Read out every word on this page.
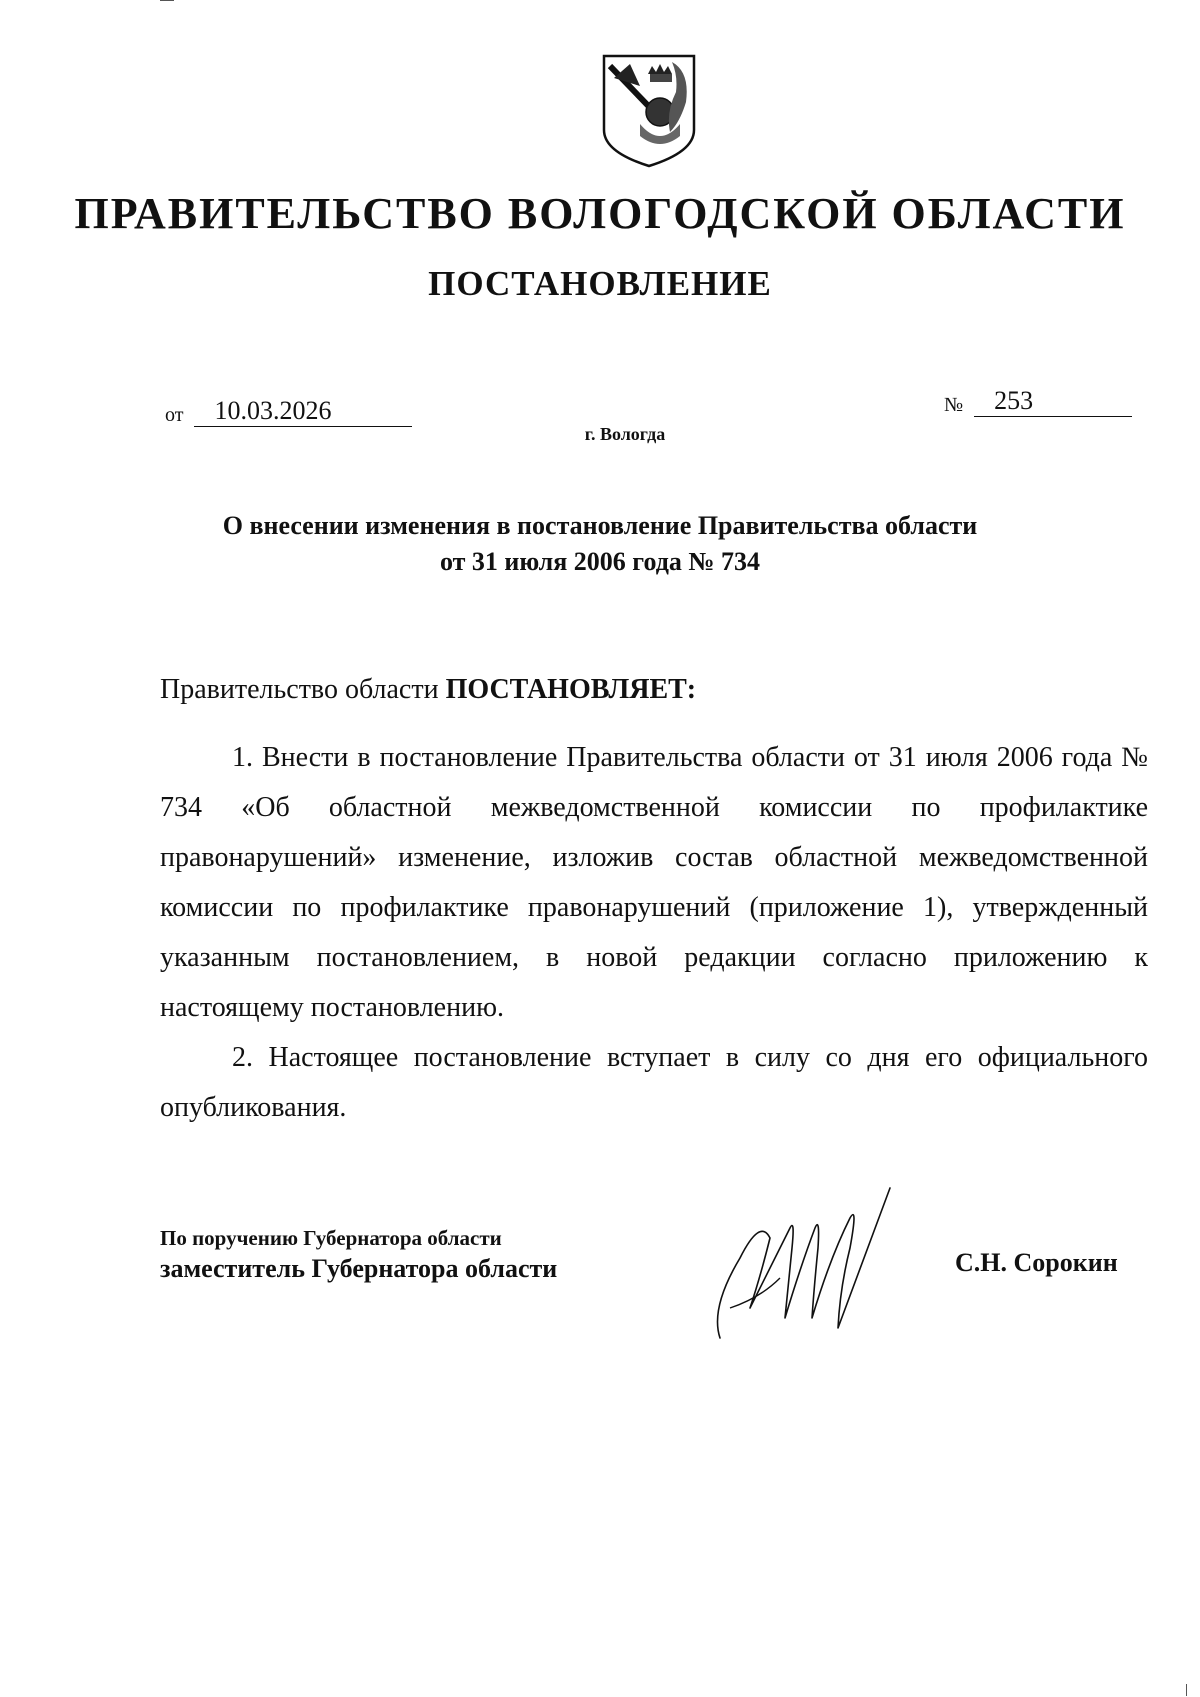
ПРАВИТЕЛЬСТВО ВОЛОГОДСКОЙ ОБЛАСТИ
ПОСТАНОВЛЕНИЕ
от 10.03.2026	№ 253
г. Вологда
О внесении изменения в постановление Правительства области
от 31 июля 2006 года № 734
Правительство области ПОСТАНОВЛЯЕТ:

1. Внести в постановление Правительства области от 31 июля 2006 года № 734 «Об областной межведомственной комиссии по профилактике правонарушений» изменение, изложив состав областной межведомственной комиссии по профилактике правонарушений (приложение 1), утвержденный указанным постановлением, в новой редакции согласно приложению к настоящему постановлению.

2. Настоящее постановление вступает в силу со дня его официального опубликования.

По поручению Губернатора области
заместитель Губернатора области	С.Н. Сорокин
